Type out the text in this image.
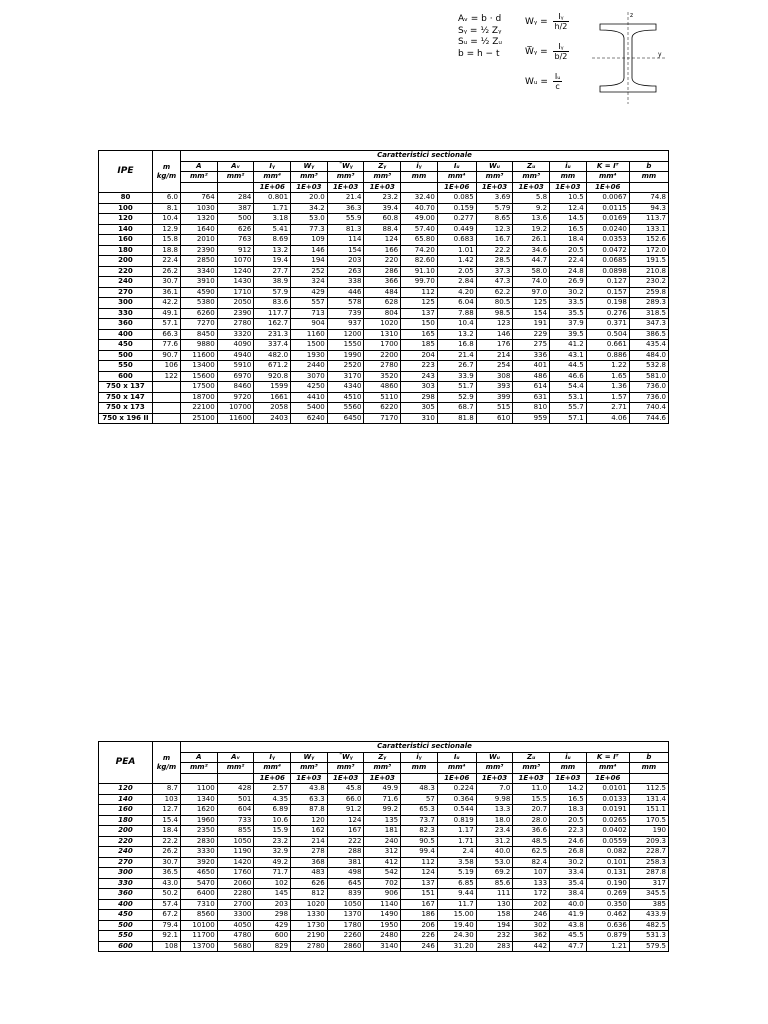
Aᵥ = b · d
Sᵧ = ½ Zᵧ
Sᵤ = ½ Zᵤ
b = h − t
Wᵧ = $\frac{\text{Iᵧ}}{h/2}$
W̅ᵧ = $\frac{\text{Iᵧ}}{b/2}$
Wᵤ = $\frac{\text{Iᵤ}}{c}$
z
y
IPE	m kg/m	Caratteristici sectionale												
		A	Aᵥ	Iᵧ	Wᵧ	¯Wᵧ	Zᵧ	iᵧ	Iᵤ	Wᵤ	Zᵤ	iᵤ	K = Iᵀ	b
		mm²	mm²	mm⁴	mm³	mm³	mm³	mm	mm⁴	mm³	mm³	mm	mm⁴	mm
				1E+06	1E+03	1E+03	1E+03		1E+06	1E+03	1E+03	1E+03	1E+06	
80	6.0	764	284	0.801	20.0	21.4	23.2	32.40	0.085	3.69	5.8	10.5	0.0067	74.8
100	8.1	1030	387	1.71	34.2	36.3	39.4	40.70	0.159	5.79	9.2	12.4	0.0115	94.3
120	10.4	1320	500	3.18	53.0	55.9	60.8	49.00	0.277	8.65	13.6	14.5	0.0169	113.7
140	12.9	1640	626	5.41	77.3	81.3	88.4	57.40	0.449	12.3	19.2	16.5	0.0240	133.1
160	15.8	2010	763	8.69	109	114	124	65.80	0.683	16.7	26.1	18.4	0.0353	152.6
180	18.8	2390	912	13.2	146	154	166	74.20	1.01	22.2	34.6	20.5	0.0472	172.0
200	22.4	2850	1070	19.4	194	203	220	82.60	1.42	28.5	44.7	22.4	0.0685	191.5
220	26.2	3340	1240	27.7	252	263	286	91.10	2.05	37.3	58.0	24.8	0.0898	210.8
240	30.7	3910	1430	38.9	324	338	366	99.70	2.84	47.3	74.0	26.9	0.127	230.2
270	36.1	4590	1710	57.9	429	446	484	112	4.20	62.2	97.0	30.2	0.157	259.8
300	42.2	5380	2050	83.6	557	578	628	125	6.04	80.5	125	33.5	0.198	289.3
330	49.1	6260	2390	117.7	713	739	804	137	7.88	98.5	154	35.5	0.276	318.5
360	57.1	7270	2780	162.7	904	937	1020	150	10.4	123	191	37.9	0.371	347.3
400	66.3	8450	3320	231.3	1160	1200	1310	165	13.2	146	229	39.5	0.504	386.5
450	77.6	9880	4090	337.4	1500	1550	1700	185	16.8	176	275	41.2	0.661	435.4
500	90.7	11600	4940	482.0	1930	1990	2200	204	21.4	214	336	43.1	0.886	484.0
550	106	13400	5910	671.2	2440	2520	2780	223	26.7	254	401	44.5	1.22	532.8
600	122	15600	6970	920.8	3070	3170	3520	243	33.9	308	486	46.6	1.65	581.0
750 x 137		17500	8460	1599	4250	4340	4860	303	51.7	393	614	54.4	1.36	736.0
750 x 147		18700	9720	1661	4410	4510	5110	298	52.9	399	631	53.1	1.57	736.0
750 x 173		22100	10700	2058	5400	5560	6220	305	68.7	515	810	55.7	2.71	740.4
750 x 196 II		25100	11600	2403	6240	6450	7170	310	81.8	610	959	57.1	4.06	744.6
PEA	m kg/m	Caratteristici sectionale												
		A	Aᵥ	Iᵧ	Wᵧ	¯Wᵧ	Zᵧ	iᵧ	Iᵤ	Wᵤ	Zᵤ	iᵤ	K = Iᵀ	b
		mm²	mm²	mm⁴	mm³	mm³	mm³	mm	mm⁴	mm³	mm³	mm	mm⁴	mm
				1E+06	1E+03	1E+03	1E+03		1E+06	1E+03	1E+03	1E+03	1E+06	
120	8.7	1100	428	2.57	43.8	45.8	49.9	48.3	0.224	7.0	11.0	14.2	0.0101	112.5
140	103	1340	501	4.35	63.3	66.0	71.6	57	0.364	9.98	15.5	16.5	0.0133	131.4
160	12.7	1620	604	6.89	87.8	91.2	99.2	65.3	0.544	13.3	20.7	18.3	0.0191	151.1
180	15.4	1960	733	10.6	120	124	135	73.7	0.819	18.0	28.0	20.5	0.0265	170.5
200	18.4	2350	855	15.9	162	167	181	82.3	1.17	23.4	36.6	22.3	0.0402	190
220	22.2	2830	1050	23.2	214	222	240	90.5	1.71	31.2	48.5	24.6	0.0559	209.3
240	26.2	3330	1190	32.9	278	288	312	99.4	2.4	40.0	62.5	26.8	0.082	228.7
270	30.7	3920	1420	49.2	368	381	412	112	3.58	53.0	82.4	30.2	0.101	258.3
300	36.5	4650	1760	71.7	483	498	542	124	5.19	69.2	107	33.4	0.131	287.8
330	43.0	5470	2060	102	626	645	702	137	6.85	85.6	133	35.4	0.190	317
360	50.2	6400	2280	145	812	839	906	151	9.44	111	172	38.4	0.269	345.5
400	57.4	7310	2700	203	1020	1050	1140	167	11.7	130	202	40.0	0.350	385
450	67.2	8560	3300	298	1330	1370	1490	186	15.00	158	246	41.9	0.462	433.9
500	79.4	10100	4050	429	1730	1780	1950	206	19.40	194	302	43.8	0.636	482.5
550	92.1	11700	4780	600	2190	2260	2480	226	24.30	232	362	45.5	0.879	531.3
600	108	13700	5680	829	2780	2860	3140	246	31.20	283	442	47.7	1.21	579.5
